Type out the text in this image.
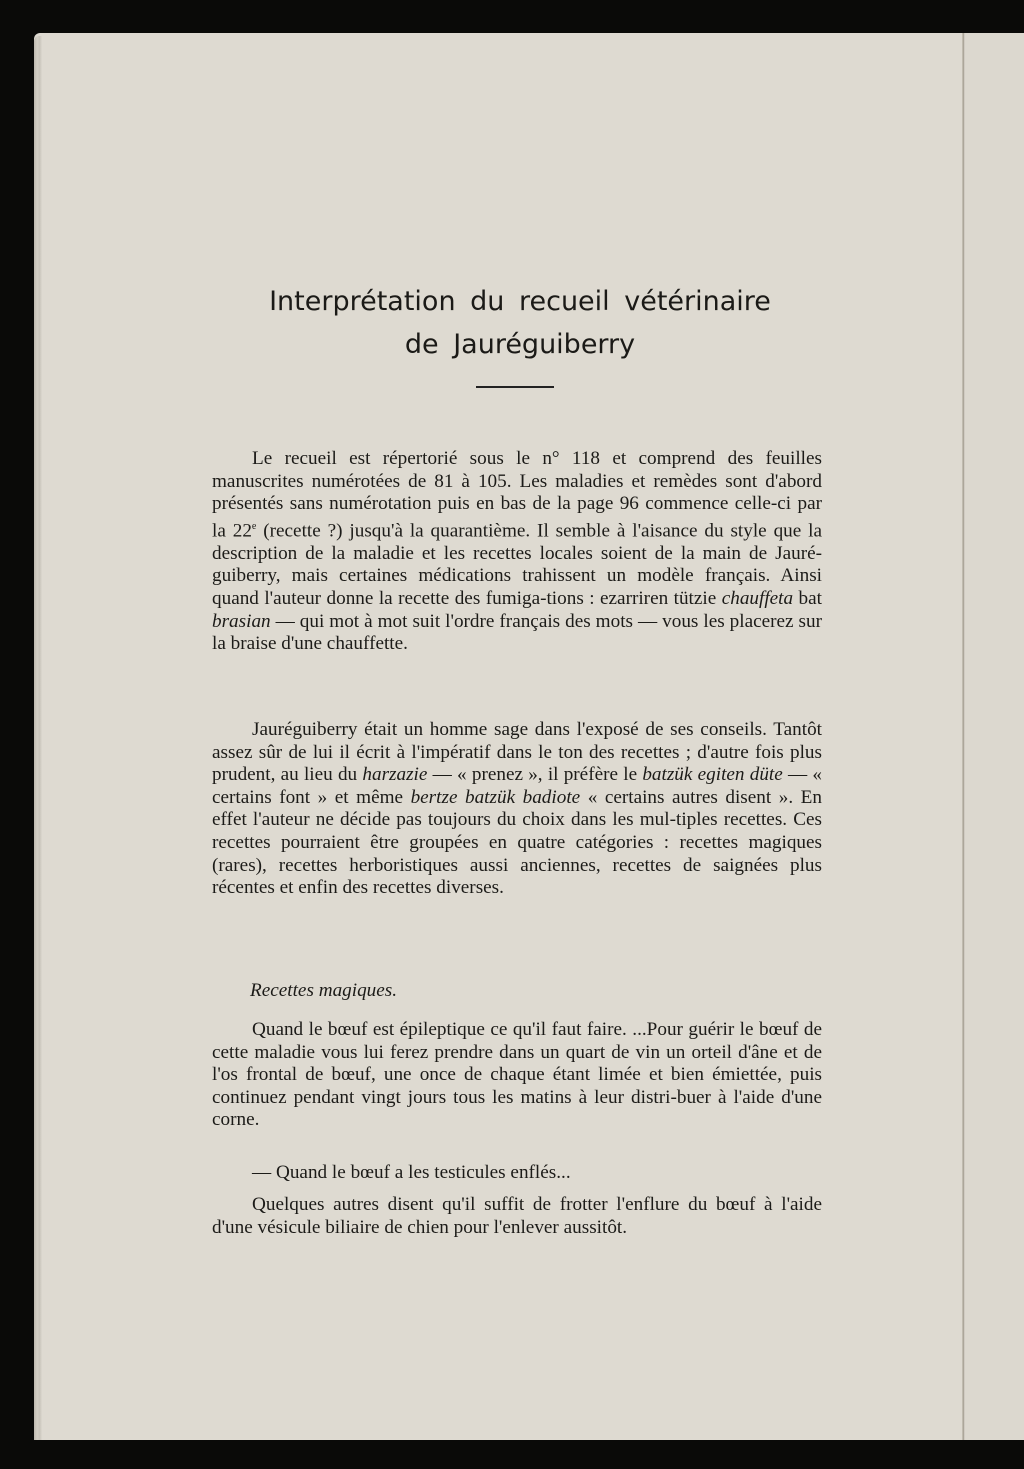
Interprétation du recueil vétérinaire
de Jauréguiberry

Le recueil est répertorié sous le n° 118 et comprend des feuilles manuscrites numérotées de 81 à 105. Les maladies et remèdes sont d'abord présentés sans numérotation puis en bas de la page 96 commence celle-ci par la 22e (recette ?) jusqu'à la quarantième. Il semble à l'aisance du style que la description de la maladie et les recettes locales soient de la main de Jauré-guiberry, mais certaines médications trahissent un modèle français. Ainsi quand l'auteur donne la recette des fumiga-tions : ezarriren tützie chauffeta bat brasian — qui mot à mot suit l'ordre français des mots — vous les placerez sur la braise d'une chauffette.

Jauréguiberry était un homme sage dans l'exposé de ses conseils. Tantôt assez sûr de lui il écrit à l'impératif dans le ton des recettes ; d'autre fois plus prudent, au lieu du harzazie — « prenez », il préfère le batzük egiten düte — « certains font » et même bertze batzük badiote « certains autres disent ». En effet l'auteur ne décide pas toujours du choix dans les mul-tiples recettes. Ces recettes pourraient être groupées en quatre catégories : recettes magiques (rares), recettes herboristiques aussi anciennes, recettes de saignées plus récentes et enfin des recettes diverses.

Recettes magiques.

Quand le bœuf est épileptique ce qu'il faut faire. ...Pour guérir le bœuf de cette maladie vous lui ferez prendre dans un quart de vin un orteil d'âne et de l'os frontal de bœuf, une once de chaque étant limée et bien émiettée, puis continuez pendant vingt jours tous les matins à leur distri-buer à l'aide d'une corne.

— Quand le bœuf a les testicules enflés...

Quelques autres disent qu'il suffit de frotter l'enflure du bœuf à l'aide d'une vésicule biliaire de chien pour l'enlever aussitôt.
